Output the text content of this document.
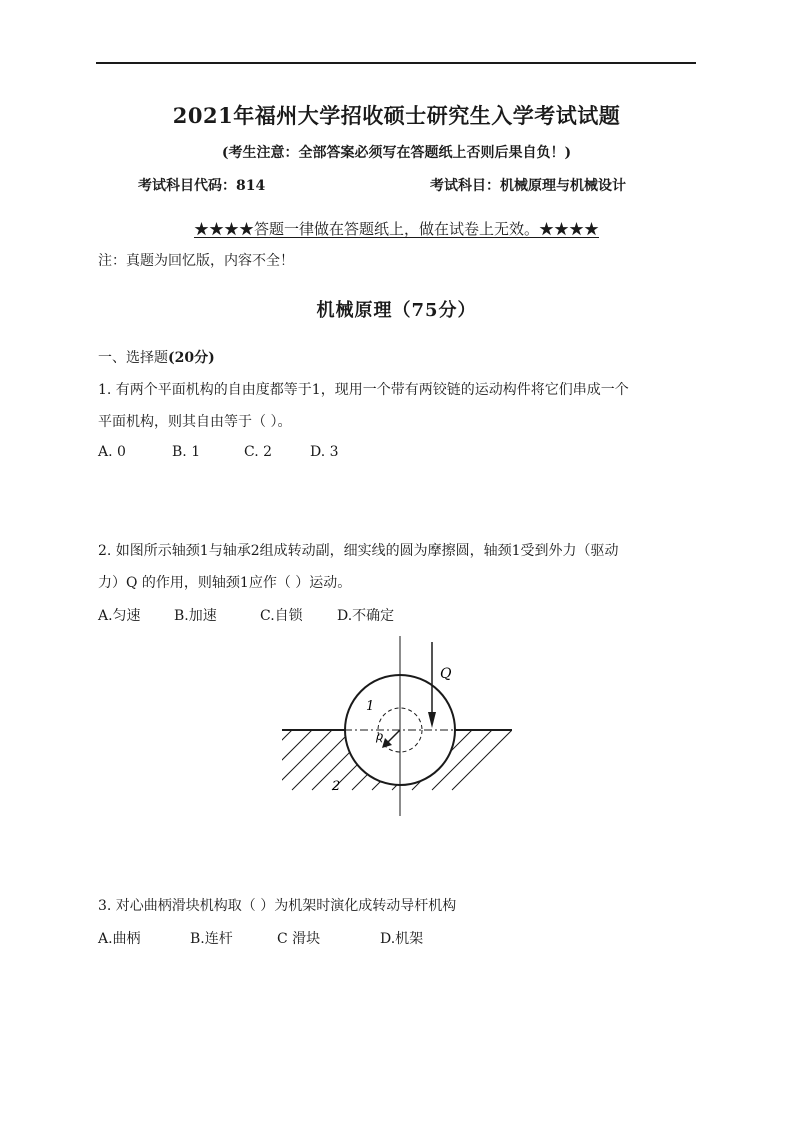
2021年福州大学招收硕士研究生入学考试试题
(考生注意：全部答案必须写在答题纸上否则后果自负！)
考试科目代码：814	考试科目：机械原理与机械设计
★★★★答题一律做在答题纸上，做在试卷上无效。★★★★
注：真题为回忆版，内容不全！
机械原理（75分）
一、选择题(20分)
1. 有两个平面机构的自由度都等于1，现用一个带有两铰链的运动构件将它们串成一个
平面机构，则其自由等于（ ）。
A. 0	B. 1	C. 2	D. 3
2. 如图所示轴颈1与轴承2组成转动副，细实线的圆为摩擦圆，轴颈1受到外力（驱动
力）Q 的作用，则轴颈1应作（ ）运动。
A.匀速 B.加速	C.自锁 D.不确定
Q
1
ρ
2
3. 对心曲柄滑块机构取（ ）为机架时演化成转动导杆机构
A.曲柄	B.连杆	C 滑块	D.机架
